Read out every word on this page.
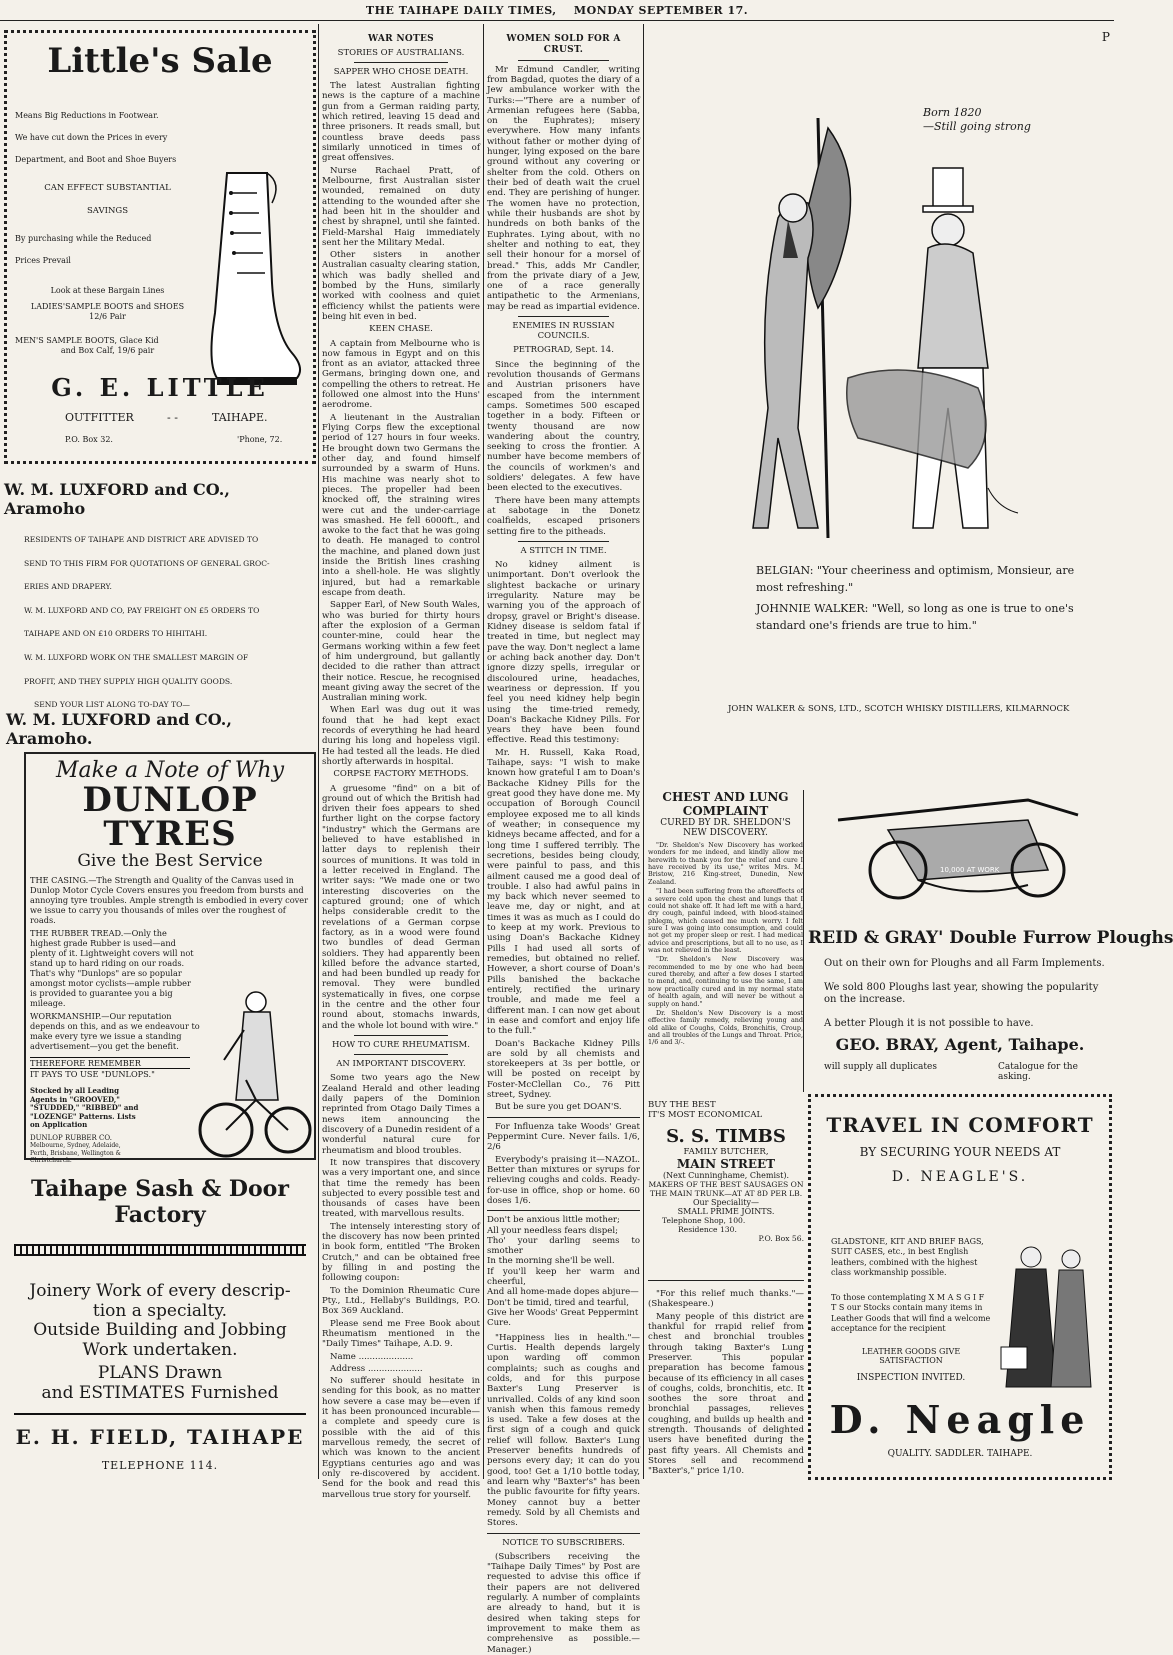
THE TAIHAPE DAILY TIMES, MONDAY SEPTEMBER 17.
P
Little's Sale
Means Big Reductions in Footwear.
We have cut down the Prices in every
Department, and Boot and Shoe Buyers
CAN EFFECT SUBSTANTIAL
SAVINGS
By purchasing while the Reduced
Prices Prevail
Look at these Bargain Lines
LADIES'SAMPLE BOOTS and SHOES
12/6 Pair
MEN'S SAMPLE BOOTS, Glace Kid
and Box Calf, 19/6 pair
G. E. LITTLE
OUTFITTER	- -	TAIHAPE.
P.O. Box 32.	'Phone, 72.
W. M. LUXFORD and CO., Aramoho
RESIDENTS OF TAIHAPE AND DISTRICT ARE ADVISED TO
SEND TO THIS FIRM FOR QUOTATIONS OF GENERAL GROC-
ERIES AND DRAPERY.
W. M. LUXFORD AND CO, PAY FREIGHT ON £5 ORDERS TO
TAIHAPE AND ON £10 ORDERS TO HIHITAHI.
W. M. LUXFORD WORK ON THE SMALLEST MARGIN OF
PROFIT, AND THEY SUPPLY HIGH QUALITY GOODS.
SEND YOUR LIST ALONG TO-DAY TO—
W. M. LUXFORD and CO., Aramoho.
Make a Note of Why
DUNLOP TYRES
Give the Best Service
THE CASING.—The Strength and Quality of the Canvas used in Dunlop Motor Cycle Covers ensures you freedom from bursts and annoying tyre troubles. Ample strength is embodied in every cover we issue to carry you thousands of miles over the roughest of roads.
THE RUBBER TREAD.—Only the highest grade Rubber is used—and plenty of it. Lightweight covers will not stand up to hard riding on our roads. That's why "Dunlops" are so popular amongst motor cyclists—ample rubber is provided to guarantee you a big mileage.
WORKMANSHIP.—Our reputation depends on this, and as we endeavour to make every tyre we issue a standing advertisement—you get the benefit.
THEREFORE REMEMBER
IT PAYS TO USE "DUNLOPS."
Stocked by all Leading Agents in "GROOVED," "STUDDED," "RIBBED" and "LOZENGE" Patterns. Lists on Application
DUNLOP RUBBER CO.
Melbourne, Sydney, Adelaide, Perth, Brisbane, Wellington & Christchurch.
Taihape Sash & Door Factory
Joinery Work of every descrip-
tion a specialty.
Outside Building and Jobbing
Work undertaken.
PLANS Drawn
and ESTIMATES Furnished
E. H. FIELD, TAIHAPE
TELEPHONE 114.
WAR NOTES
STORIES OF AUSTRALIANS.
SAPPER WHO CHOSE DEATH.

The latest Australian fighting news is the capture of a machine gun from a German raiding party, which retired, leaving 15 dead and three prisoners. It reads small, but countless brave deeds pass similarly unnoticed in times of great offensives.

Nurse Rachael Pratt, of Melbourne, first Australian sister wounded, remained on duty attending to the wounded after she had been hit in the shoulder and chest by shrapnel, until she fainted. Field-Marshal Haig immediately sent her the Military Medal.

Other sisters in another Australian casualty clearing station, which was badly shelled and bombed by the Huns, similarly worked with coolness and quiet efficiency whilst the patients were being hit even in bed.

KEEN CHASE.

A captain from Melbourne who is now famous in Egypt and on this front as an aviator, attacked three Germans, bringing down one, and compelling the others to retreat. He followed one almost into the Huns' aerodrome.

A lieutenant in the Australian Flying Corps flew the exceptional period of 127 hours in four weeks. He brought down two Germans the other day, and found himself surrounded by a swarm of Huns. His machine was nearly shot to pieces. The propeller had been knocked off, the straining wires were cut and the under-carriage was smashed. He fell 6000ft., and awoke to the fact that he was going to death. He managed to control the machine, and planed down just inside the British lines crashing into a shell-hole. He was slightly injured, but had a remarkable escape from death.

Sapper Earl, of New South Wales, who was buried for thirty hours after the explosion of a German counter-mine, could hear the Germans working within a few feet of him underground, but gallantly decided to die rather than attract their notice. Rescue, he recognised meant giving away the secret of the Australian mining work.

When Earl was dug out it was found that he had kept exact records of everything he had heard during his long and hopeless vigil. He had tested all the leads. He died shortly afterwards in hospital.

CORPSE FACTORY METHODS.

A gruesome "find" on a bit of ground out of which the British had driven their foes appears to shed further light on the corpse factory "industry" which the Germans are believed to have established in latter days to replenish their sources of munitions. It was told in a letter received in England. The writer says: "We made one or two interesting discoveries on the captured ground; one of which helps considerable credit to the revelations of a German corpse factory, as in a wood were found two bundles of dead German soldiers. They had apparently been killed before the advance started, and had been bundled up ready for removal. They were bundled systematically in fives, one corpse in the centre and the other four round about, stomachs inwards, and the whole lot bound with wire."

HOW TO CURE RHEUMATISM.
AN IMPORTANT DISCOVERY.

Some two years ago the New Zealand Herald and other leading daily papers of the Dominion reprinted from Otago Daily Times a news item announcing the discovery of a Dunedin resident of a wonderful natural cure for rheumatism and blood troubles.

It now transpires that discovery was a very important one, and since that time the remedy has been subjected to every possible test and thousands of cases have been treated, with marvellous results.

The intensely interesting story of the discovery has now been printed in book form, entitled "The Broken Crutch," and can be obtained free by filling in and posting the following coupon:

To the Dominion Rheumatic Cure Pty., Ltd., Hellaby's Buildings, P.O. Box 369 Auckland.

Please send me Free Book about Rheumatism mentioned in the "Daily Times" Taihape, A.D. 9.

Name ....................

Address ....................

No sufferer should hesitate in sending for this book, as no matter how severe a case may be—even if it has been pronounced incurable—a complete and speedy cure is possible with the aid of this marvellous remedy, the secret of which was known to the ancient Egyptians centuries ago and was only re-discovered by accident. Send for the book and read this marvellous true story for yourself.

WOMEN SOLD FOR A CRUST.

Mr Edmund Candler, writing from Bagdad, quotes the diary of a Jew ambulance worker with the Turks:—"There are a number of Armenian refugees here (Sabba, on the Euphrates); misery everywhere. How many infants without father or mother dying of hunger, lying exposed on the bare ground without any covering or shelter from the cold. Others on their bed of death wait the cruel end. They are perishing of hunger. The women have no protection, while their husbands are shot by hundreds on both banks of the Euphrates. Lying about, with no shelter and nothing to eat, they sell their honour for a morsel of bread." This, adds Mr Candler, from the private diary of a Jew, one of a race generally antipathetic to the Armenians, may be read as impartial evidence.

ENEMIES IN RUSSIAN COUNCILS.
PETROGRAD, Sept. 14.

Since the beginning of the revolution thousands of Germans and Austrian prisoners have escaped from the internment camps. Sometimes 500 escaped together in a body. Fifteen or twenty thousand are now wandering about the country, seeking to cross the frontier. A number have become members of the councils of workmen's and soldiers' delegates. A few have been elected to the executives.

There have been many attempts at sabotage in the Donetz coalfields, escaped prisoners setting fire to the pitheads.

A STITCH IN TIME.

No kidney ailment is unimportant. Don't overlook the slightest backache or urinary irregularity. Nature may be warning you of the approach of dropsy, gravel or Bright's disease. Kidney disease is seldom fatal if treated in time, but neglect may pave the way. Don't neglect a lame or aching back another day. Don't ignore dizzy spells, irregular or discoloured urine, headaches, weariness or depression. If you feel you need kidney help begin using the time-tried remedy, Doan's Backache Kidney Pills. For years they have been found effective. Read this testimony:

Mr. H. Russell, Kaka Road, Taihape, says: "I wish to make known how grateful I am to Doan's Backache Kidney Pills for the great good they have done me. My occupation of Borough Council employee exposed me to all kinds of weather; in consequence my kidneys became affected, and for a long time I suffered terribly. The secretions, besides being cloudy, were painful to pass, and this ailment caused me a good deal of trouble. I also had awful pains in my back which never seemed to leave me, day or night, and at times it was as much as I could do to keep at my work. Previous to using Doan's Backache Kidney Pills I had used all sorts of remedies, but obtained no relief. However, a short course of Doan's Pills banished the backache entirely, rectified the urinary trouble, and made me feel a different man. I can now get about in ease and comfort and enjoy life to the full."

Doan's Backache Kidney Pills are sold by all chemists and storekeepers at 3s per bottle, or will be posted on receipt by Foster-McClellan Co., 76 Pitt street, Sydney.

But be sure you get DOAN'S.

For Influenza take Woods' Great Peppermint Cure. Never fails. 1/6, 2/6

Everybody's praising it—NAZOL. Better than mixtures or syrups for relieving coughs and colds. Ready-for-use in office, shop or home. 60 doses 1/6.

Don't be anxious little mother;
All your needless fears dispel;
Tho' your darling seems to smother
In the morning she'll be well.
If you'll keep her warm and cheerful,
And all home-made dopes abjure—
Don't be timid, tired and tearful,
Give her Woods' Great Peppermint
Cure.

"Happiness lies in health."—Curtis. Health depends largely upon warding off common complaints; such as coughs and colds, and for this purpose Baxter's Lung Preserver is unrivalled. Colds of any kind soon vanish when this famous remedy is used. Take a few doses at the first sign of a cough and quick relief will follow. Baxter's Lung Preserver benefits hundreds of persons every day; it can do you good, too! Get a 1/10 bottle today, and learn why "Baxter's" has been the public favourite for fifty years. Money cannot buy a better remedy. Sold by all Chemists and Stores.

NOTICE TO SUBSCRIBERS.

(Subscribers receiving the "Taihape Daily Times" by Post are requested to advise this office if their papers are not delivered regularly. A number of complaints are already to hand, but it is desired when taking steps for improvement to make them as comprehensive as possible.—Manager.)

Born 1820
—Still going strong
BELGIAN: "Your cheeriness and optimism, Monsieur, are most refreshing."
JOHNNIE WALKER: "Well, so long as one is true to one's standard one's friends are true to him."
JOHN WALKER & SONS, LTD., SCOTCH WHISKY DISTILLERS, KILMARNOCK
CHEST AND LUNG
COMPLAINT
CURED BY DR. SHELDON'S
NEW DISCOVERY.

"Dr. Sheldon's New Discovery has worked wonders for me indeed, and kindly allow me herewith to thank you for the relief and cure I have received by its use," writes Mrs. M. Bristow, 216 King-street, Dunedin, New Zealand.

"I had been suffering from the aftereffects of a severe cold upon the chest and lungs that I could not shake off. It had left me with a hard, dry cough, painful indeed, with blood-stained phlegm, which caused me much worry. I felt sure I was going into consumption, and could not get my proper sleep or rest. I had medical advice and prescriptions, but all to no use, as I was not relieved in the least.

"Dr. Sheldon's New Discovery was recommended to me by one who had been cured thereby, and after a few doses I started to mend, and, continuing to use the same, I am now practically cured and in my normal state of health again, and will never be without a supply on hand."

Dr. Sheldon's New Discovery is a most effective family remedy, relieving young and old alike of Coughs, Colds, Bronchitis, Croup, and all troubles of the Lungs and Throat. Price, 1/6 and 3/-.

BUY THE BEST
IT'S MOST ECONOMICAL
S. S. TIMBS
FAMILY BUTCHER,
MAIN STREET
(Next Cunninghame, Chemist).
MAKERS OF THE BEST SAUSAGES ON THE MAIN TRUNK—AT AT 8D PER LB.
Our Speciality—
SMALL PRIME JOINTS.
Telephone Shop, 100.
Residence 130.
P.O. Box 56.

"For this relief much thanks."—(Shakespeare.)

Many people of this district are thankful for rrapid relief from chest and bronchial troubles through taking Baxter's Lung Preserver. This popular preparation has become famous because of its efficiency in all cases of coughs, colds, bronchitis, etc. It soothes the sore throat and bronchial passages, relieves coughing, and builds up health and strength. Thousands of delighted users have benefited during the past fifty years. All Chemists and Stores sell and recommend "Baxter's," price 1/10.

10,000 AT WORK
REID & GRAY' Double Furrow Ploughs
Out on their own for Ploughs and all Farm Implements.
We sold 800 Ploughs last year, showing the popularity on the increase.
A better Plough it is not possible to have.
GEO. BRAY, Agent, Taihape.
will supply all duplicates	Catalogue for the asking.
TRAVEL IN COMFORT
BY SECURING YOUR NEEDS AT
D. NEAGLE'S.
GLADSTONE, KIT AND BRIEF BAGS, SUIT CASES, etc., in best English leathers, combined with the highest class workmanship possible.
To those contemplating X M A S G I F T S our Stocks contain many items in Leather Goods that will find a welcome acceptance for the recipient
LEATHER GOODS GIVE SATISFACTION
INSPECTION INVITED.
D. Neagle
QUALITY. SADDLER. TAIHAPE.
